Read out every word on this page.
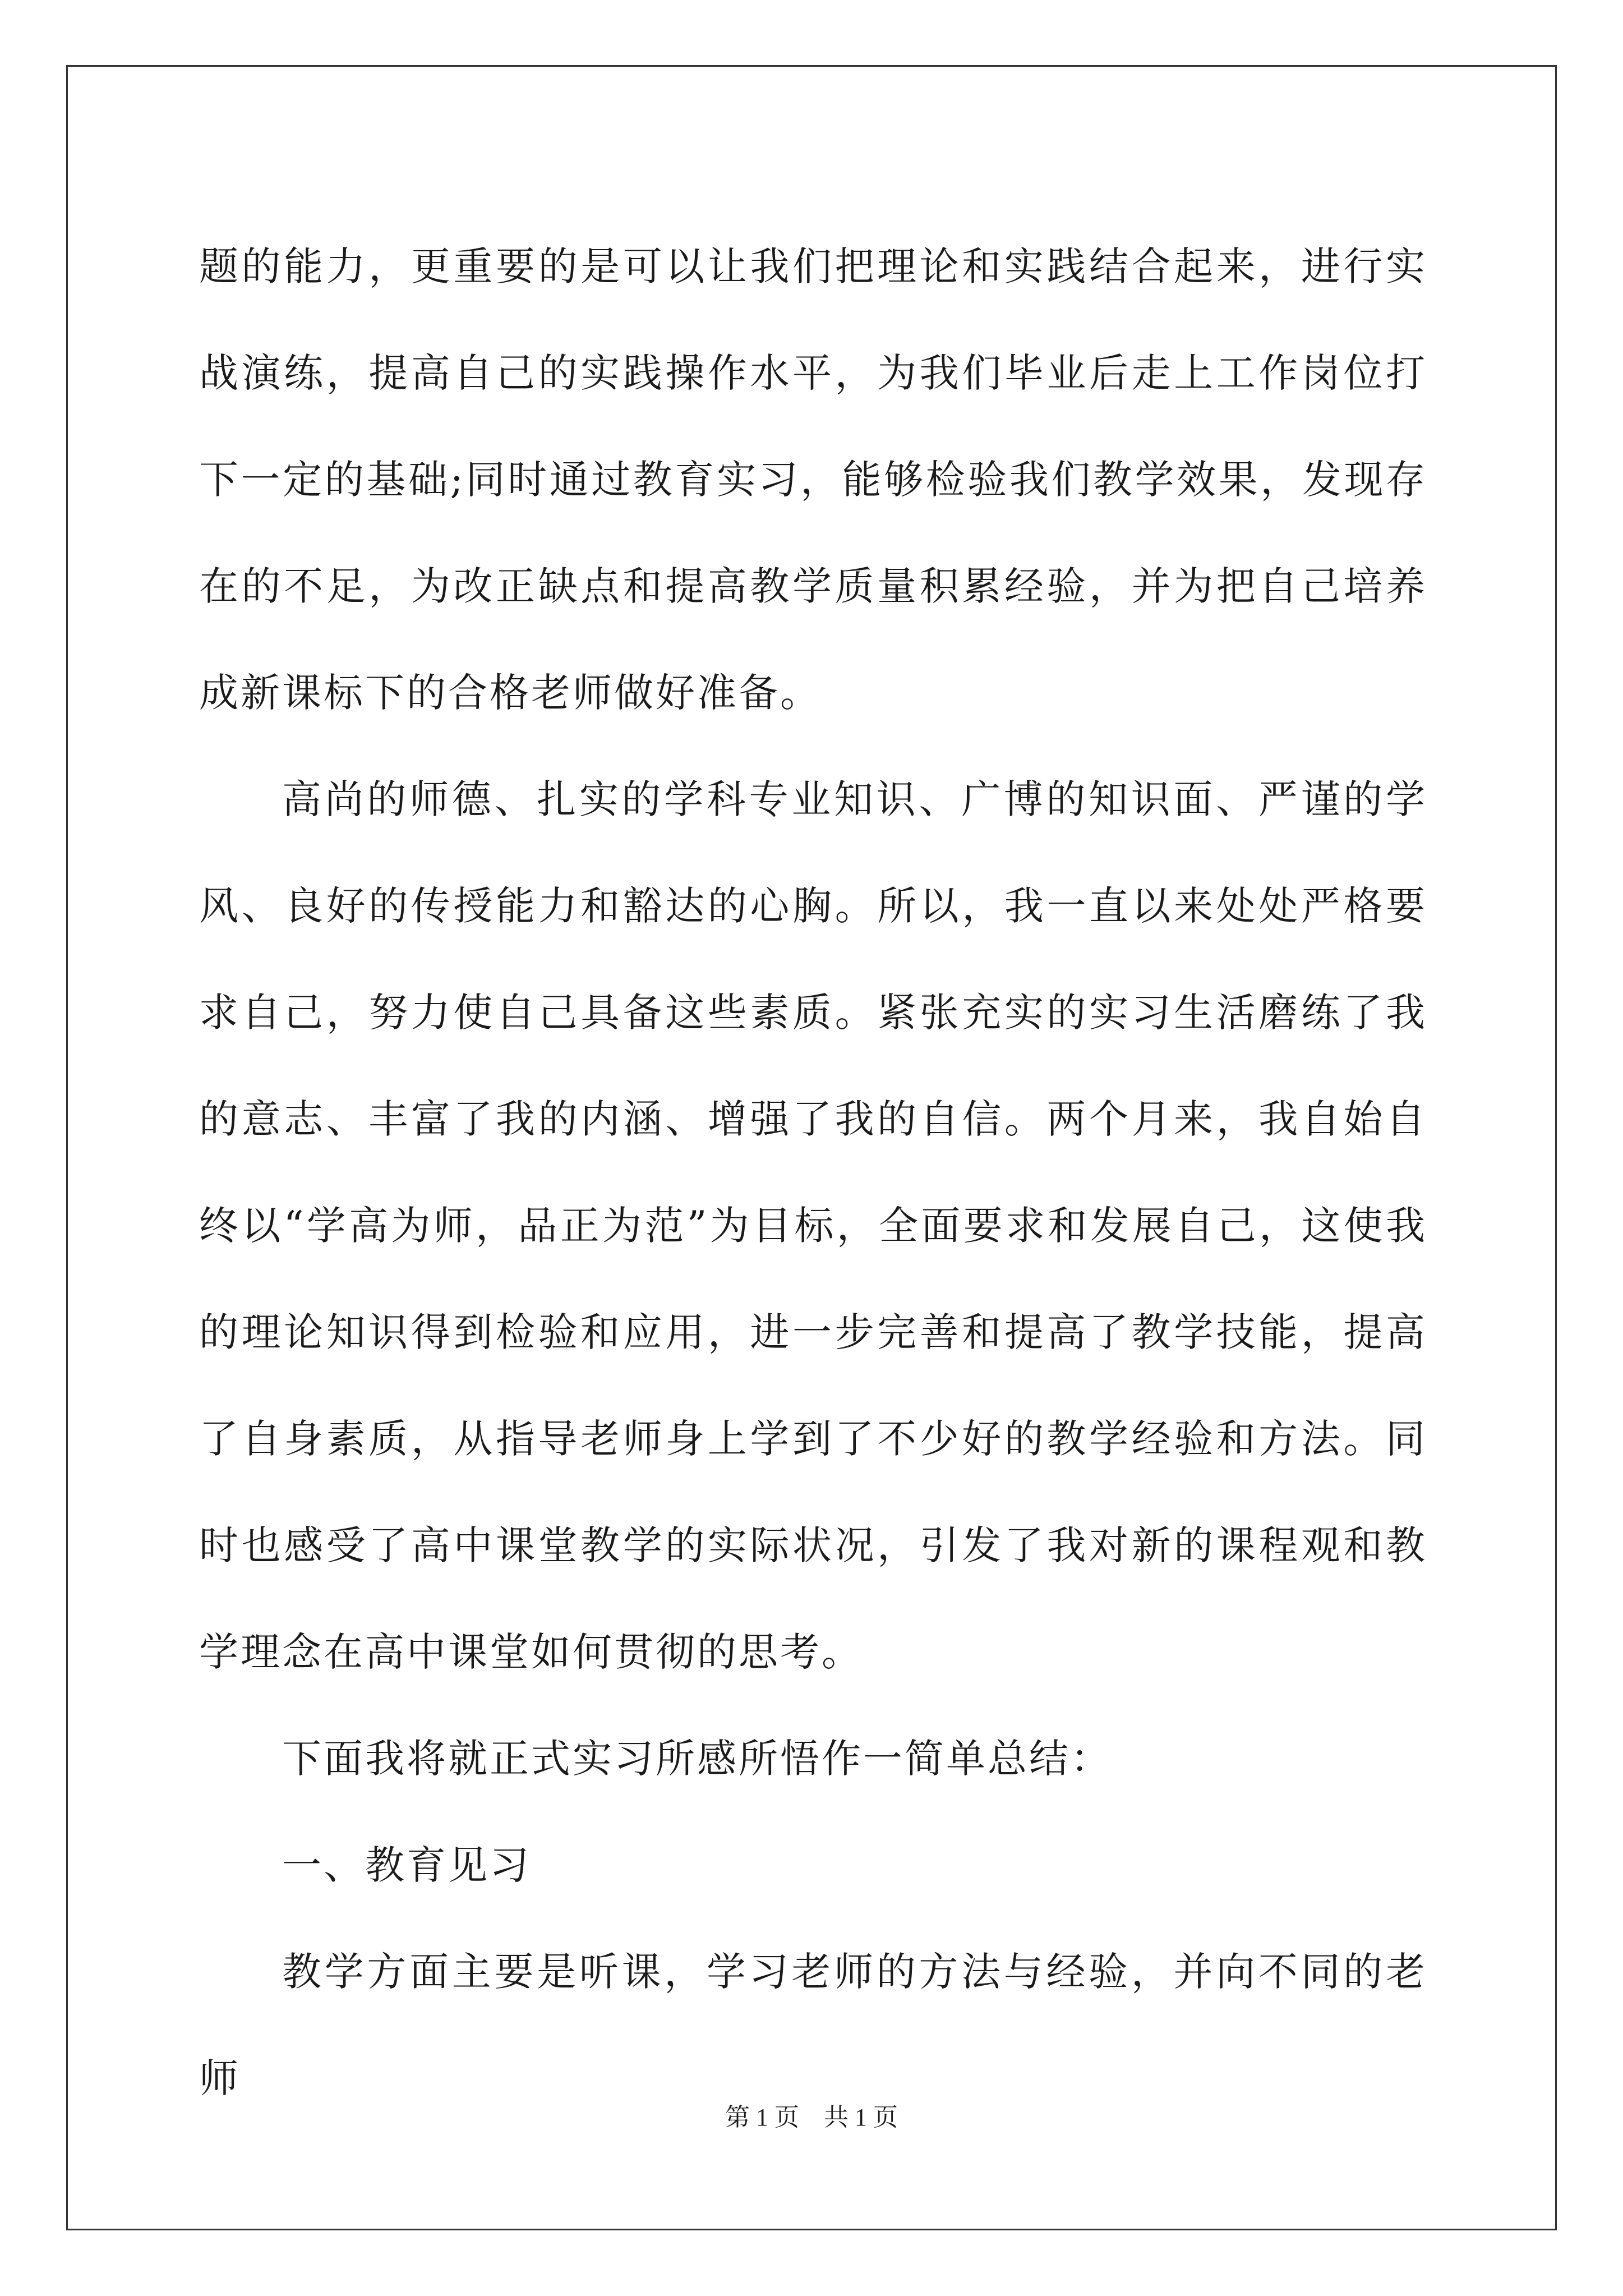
题的能力，更重要的是可以让我们把理论和实践结合起来，进行实战演练，提高自己的实践操作水平，为我们毕业后走上工作岗位打下一定的基础;同时通过教育实习，能够检验我们教学效果，发现存在的不足，为改正缺点和提高教学质量积累经验，并为把自己培养成新课标下的合格老师做好准备。

高尚的师德、扎实的学科专业知识、广博的知识面、严谨的学风、良好的传授能力和豁达的心胸。所以，我一直以来处处严格要求自己，努力使自己具备这些素质。紧张充实的实习生活磨练了我的意志、丰富了我的内涵、增强了我的自信。两个月来，我自始自终以“学高为师，品正为范”为目标，全面要求和发展自己，这使我的理论知识得到检验和应用，进一步完善和提高了教学技能，提高了自身素质，从指导老师身上学到了不少好的教学经验和方法。同时也感受了高中课堂教学的实际状况，引发了我对新的课程观和教学理念在高中课堂如何贯彻的思考。

下面我将就正式实习所感所悟作一简单总结：

一、教育见习

教学方面主要是听课，学习老师的方法与经验，并向不同的老师

第 1 页　共 1 页
